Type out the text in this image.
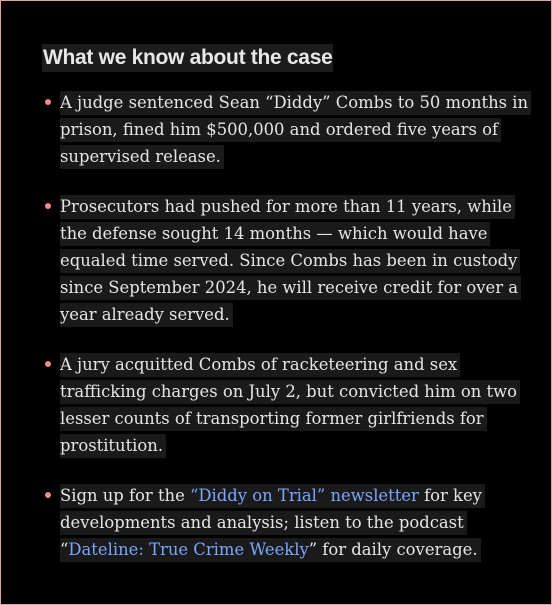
What we know about the case
A judge sentenced Sean “Diddy” Combs to 50 months in prison, fined him $500,000 and ordered five years of supervised release.
Prosecutors had pushed for more than 11 years, while the defense sought 14 months — which would have equaled time served. Since Combs has been in custody since September 2024, he will receive credit for over a year already served.
A jury acquitted Combs of racketeering and sex trafficking charges on July 2, but convicted him on two lesser counts of transporting former girlfriends for prostitution.
Sign up for the “Diddy on Trial” newsletter for key developments and analysis; listen to the podcast “Dateline: True Crime Weekly” for daily coverage.
